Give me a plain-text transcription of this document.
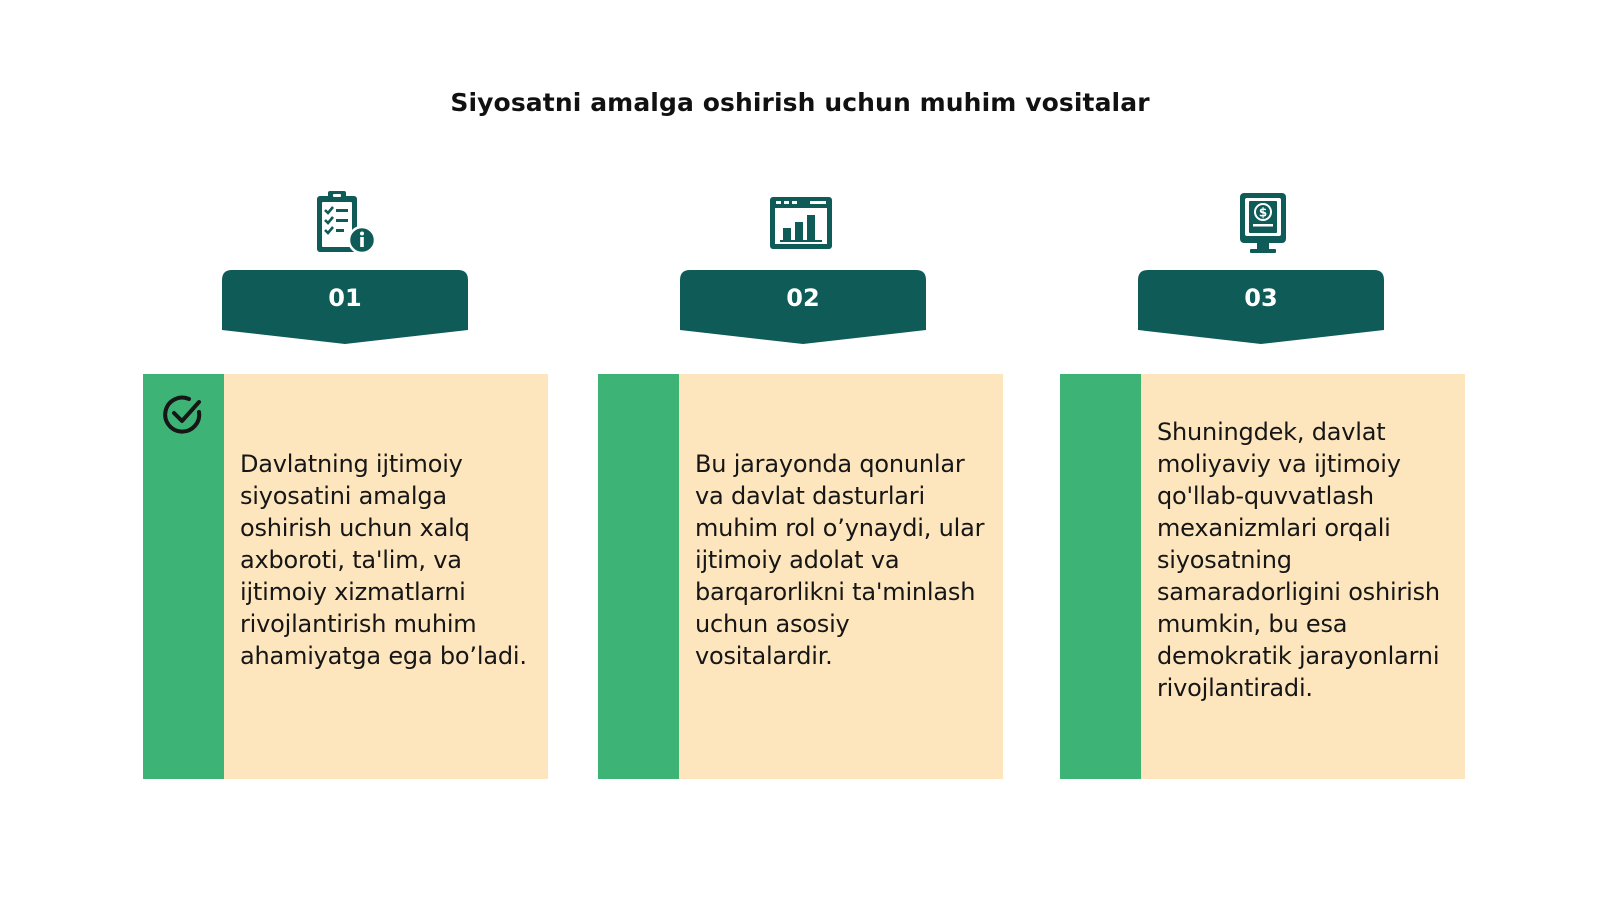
Siyosatni amalga oshirish uchun muhim vositalar
01
Davlatning ijtimoiy siyosatini amalga oshirish uchun xalq axboroti, ta'lim, va ijtimoiy xizmatlarni rivojlantirish muhim ahamiyatga ega bo’ladi.
02
Bu jarayonda qonunlar va davlat dasturlari muhim rol o’ynaydi, ular ijtimoiy adolat va barqarorlikni ta'minlash uchun asosiy vositalardir.
$
03
Shuningdek, davlat moliyaviy va ijtimoiy qo'llab-quvvatlash mexanizmlari orqali siyosatning samaradorligini oshirish mumkin, bu esa demokratik jarayonlarni rivojlantiradi.
